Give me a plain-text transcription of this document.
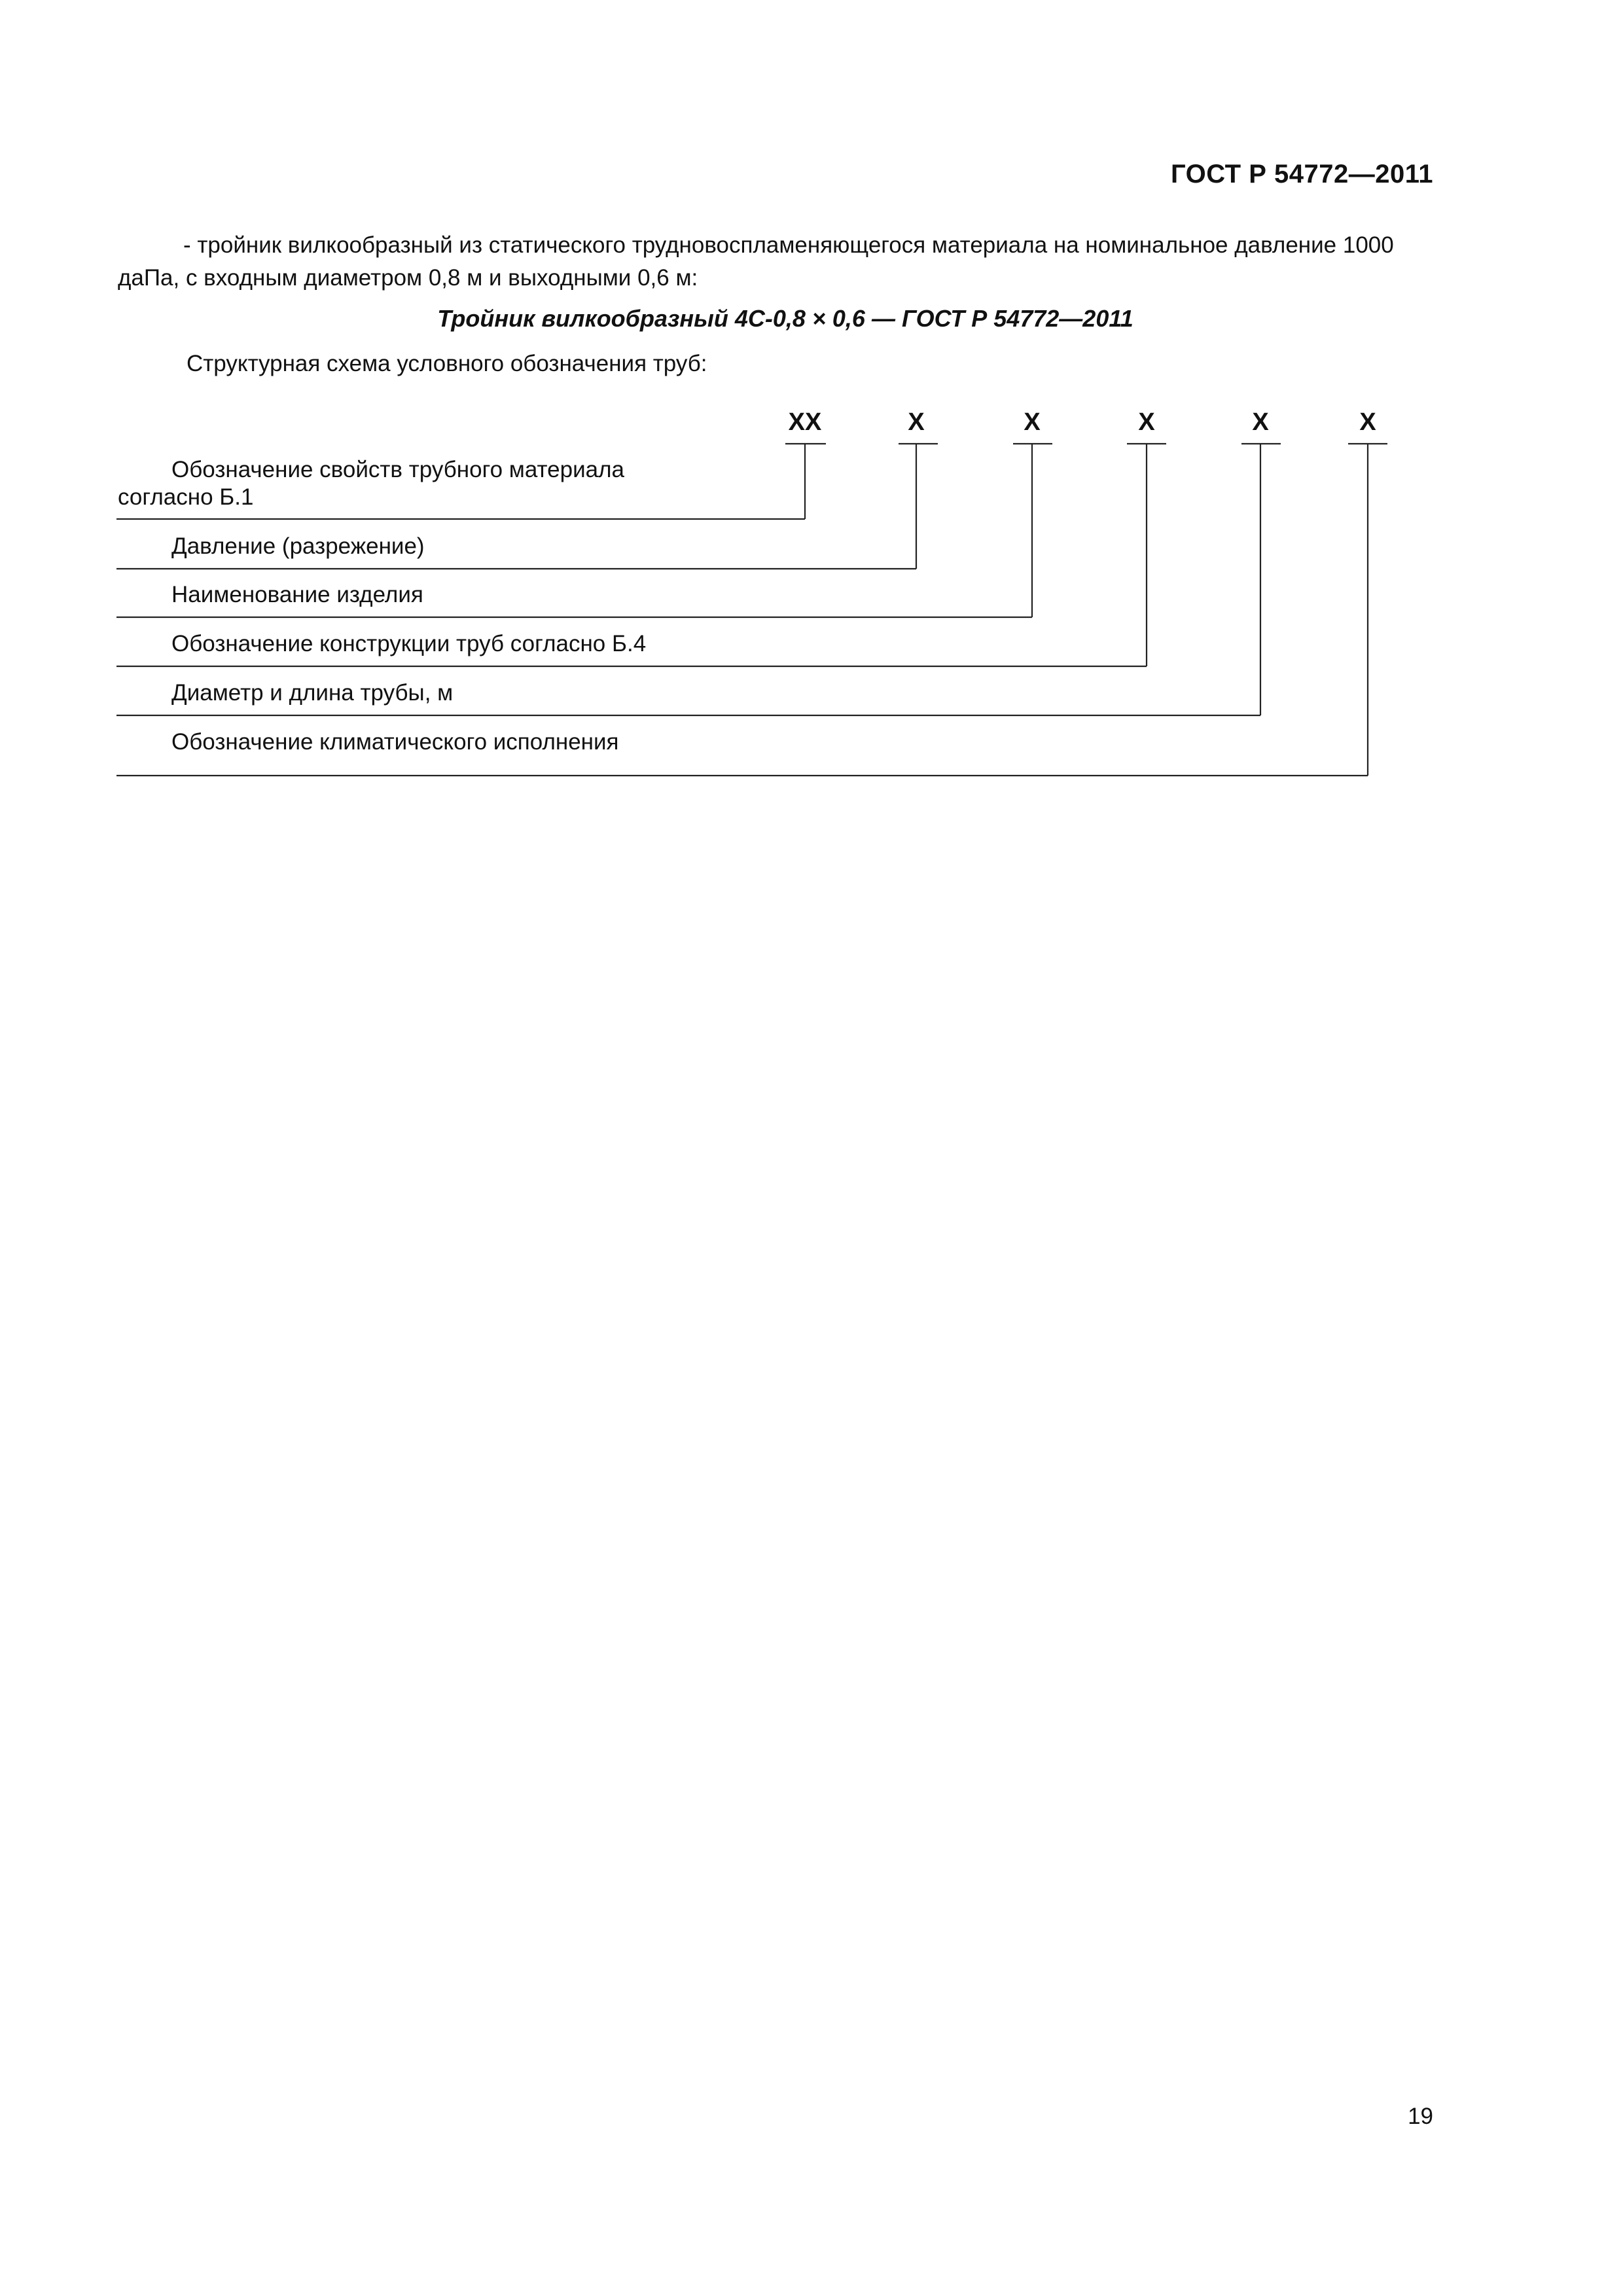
ГОСТ Р 54772—2011

- тройник вилкообразный из статического трудновоспламеняющегося материала на номинальное давление 1000 даПа, с входным диаметром 0,8 м и выходными 0,6 м:

Тройник вилкообразный 4С-0,8 × 0,6 — ГОСТ Р 54772—2011
Структурная схема условного обозначения труб:
ХХ	Х	Х	Х	Х	Х

Обозначение свойств трубного материала
согласно Б.1

Давление (разрежение)

Наименование изделия

Обозначение конструкции труб согласно Б.4

Диаметр и длина трубы, м

Обозначение климатического исполнения

19
